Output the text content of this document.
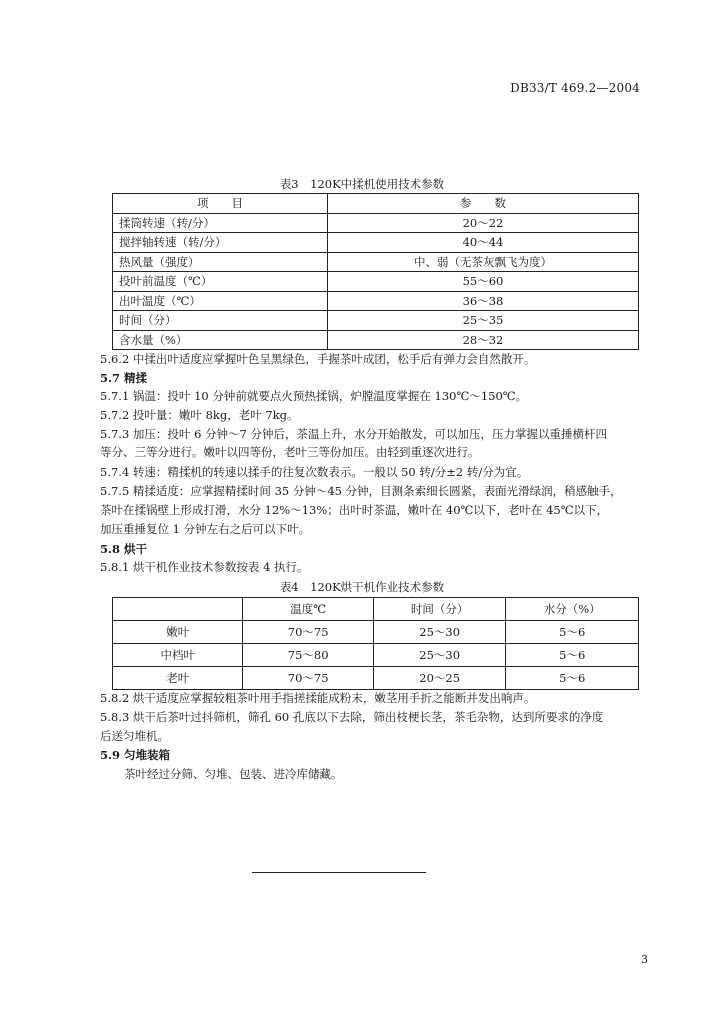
DB33/T 469.2—2004
表3　120K中揉机使用技术参数
项　　目	参　　数
揉筒转速（转/分）	20～22
搅拌轴转速（转/分）	40～44
热风量（强度）	中、弱（无茶灰飘飞为度）
投叶前温度（℃）	55～60
出叶温度（℃）	36～38
时间（分）	25～35
含水量（%）	28～32
5.6.2 中揉出叶适度应掌握叶色呈黑绿色，手握茶叶成团，松手后有弹力会自然散开。
5.7 精揉
5.7.1 锅温：投叶 10 分钟前就要点火预热揉锅，炉膛温度掌握在 130℃～150℃。
5.7.2 投叶量：嫩叶 8kg，老叶 7kg。
5.7.3 加压：投叶 6 分钟～7 分钟后，茶温上升，水分开始散发，可以加压，压力掌握以重捶横杆四
等分、三等分进行。嫩叶以四等份，老叶三等份加压。由轻到重逐次进行。
5.7.4 转速：精揉机的转速以揉手的往复次数表示。一般以 50 转/分±2 转/分为宜。
5.7.5 精揉适度：应掌握精揉时间 35 分钟～45 分钟，目测条索细长圆紧，表面光滑绿润，稍感触手，
茶叶在揉锅壁上形成打滑，水分 12%～13%；出叶时茶温，嫩叶在 40℃以下，老叶在 45℃以下，
加压重捶复位 1 分钟左右之后可以下叶。
5.8 烘干
5.8.1 烘干机作业技术参数按表 4 执行。
表4　120K烘干机作业技术参数
	温度℃	时间（分）	水分（%）
嫩叶	70～75	25～30	5～6
中档叶	75～80	25～30	5～6
老叶	70～75	20～25	5～6
5.8.2 烘干适度应掌握较粗茶叶用手指搓揉能成粉末，嫩茎用手折之能断并发出响声。
5.8.3 烘干后茶叶过抖筛机，筛孔 60 孔底以下去除，筛出枝梗长茎，茶毛杂物，达到所要求的净度
后送匀堆机。
5.9 匀堆装箱
茶叶经过分筛、匀堆、包装、进冷库储藏。
3
